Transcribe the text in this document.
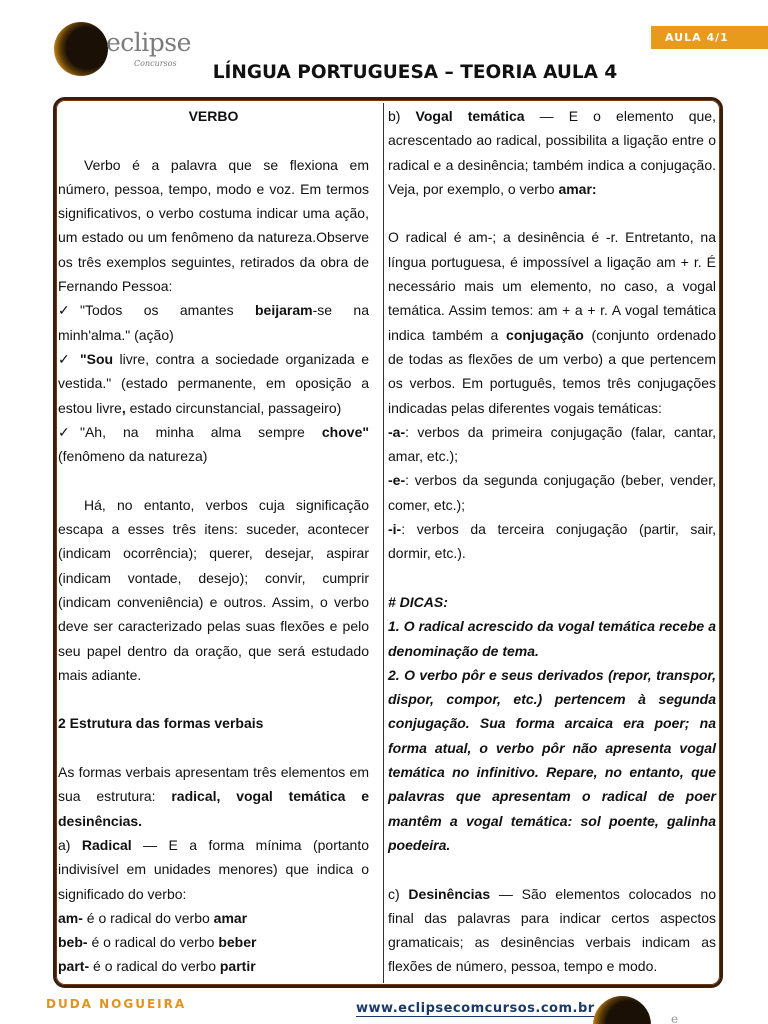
eclipse
Concursos
AULA 4/1
LÍNGUA PORTUGUESA – TEORIA AULA 4
VERBO
Verbo é a palavra que se flexiona em número, pessoa, tempo, modo e voz. Em termos significativos, o verbo costuma indicar uma ação, um estado ou um fenômeno da natureza.Observe os três exemplos seguintes, retirados da obra de Fernando Pessoa:
✓ "Todos os amantes beijaram-se na minh'alma." (ação)
✓ "Sou livre, contra a sociedade organizada e vestida." (estado permanente, em oposição a estou livre, estado circunstancial, passageiro)
✓ "Ah, na minha alma sempre chove" (fenômeno da natureza)
Há, no entanto, verbos cuja significação escapa a esses três itens: suceder, acontecer (indicam ocorrência); querer, desejar, aspirar (indicam vontade, desejo); convir, cumprir (indicam conveniência) e outros. Assim, o verbo deve ser caracterizado pelas suas flexões e pelo seu papel dentro da oração, que será estudado mais adiante.
2 Estrutura das formas verbais
As formas verbais apresentam três elementos em sua estrutura: radical, vogal temática e desinências.
a) Radical — E a forma mínima (portanto indivisível em unidades menores) que indica o significado do verbo:
am- é o radical do verbo amar
beb- é o radical do verbo beber
part- é o radical do verbo partir
b) Vogal temática — E o elemento que, acrescentado ao radical, possibilita a ligação entre o radical e a desinência; também indica a conjugação. Veja, por exemplo, o verbo amar:
O radical é am-; a desinência é -r. Entretanto, na língua portuguesa, é impossível a ligação am + r. É necessário mais um elemento, no caso, a vogal temática. Assim temos: am + a + r. A vogal temática indica também a conjugação (conjunto ordenado de todas as flexões de um verbo) a que pertencem os verbos. Em português, temos três conjugações indicadas pelas diferentes vogais temáticas:
-a-: verbos da primeira conjugação (falar, cantar, amar, etc.);
-e-: verbos da segunda conjugação (beber, vender, comer, etc.);
-i-: verbos da terceira conjugação (partir, sair, dormir, etc.).
# DICAS:
1. O radical acrescido da vogal temática recebe a denominação de tema.
2. O verbo pôr e seus derivados (repor, transpor, dispor, compor, etc.) pertencem à segunda conjugação. Sua forma arcaica era poer; na forma atual, o verbo pôr não apresenta vogal temática no infinitivo. Repare, no entanto, que palavras que apresentam o radical de poer mantêm a vogal temática: sol poente, galinha poedeira.
c) Desinências — São elementos colocados no final das palavras para indicar certos aspectos gramaticais; as desinências verbais indicam as flexões de número, pessoa, tempo e modo.
DUDA NOGUEIRA	www.eclipsecomcursos.com.br
e
